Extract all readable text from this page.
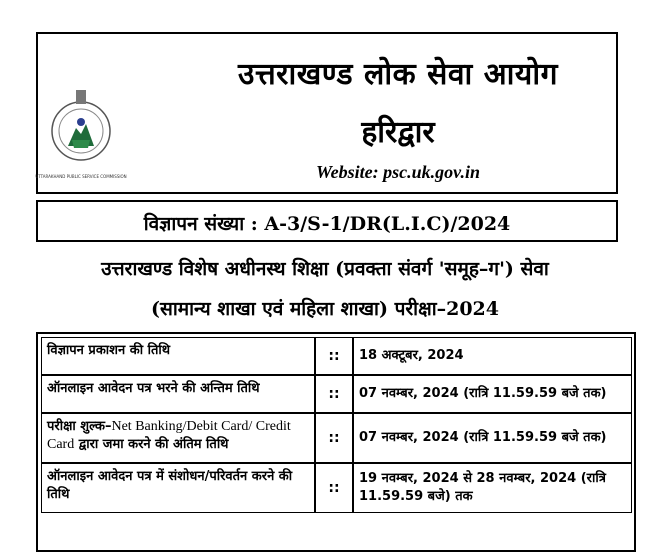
UTTARAKHAND PUBLIC SERVICE COMMISSION
उत्तराखण्ड लोक सेवा आयोग
हरिद्वार
Website: psc.uk.gov.in
विज्ञापन संख्या : A-3/S-1/DR(L.I.C)/2024
उत्तराखण्ड विशेष अधीनस्थ शिक्षा (प्रवक्ता संवर्ग 'समूह–ग') सेवा
(सामान्य शाखा एवं महिला शाखा) परीक्षा–2024
विज्ञापन प्रकाशन की तिथि	::	18 अक्टूबर, 2024
ऑनलाइन आवेदन पत्र भरने की अन्तिम तिथि	::	07 नवम्बर, 2024 (रात्रि 11.59.59 बजे तक)
परीक्षा शुल्क–Net Banking/Debit Card/ Credit Card द्वारा जमा करने की अंतिम तिथि	::	07 नवम्बर, 2024 (रात्रि 11.59.59 बजे तक)
ऑनलाइन आवेदन पत्र में संशोधन/परिवर्तन करने की तिथि	::	19 नवम्बर, 2024 से 28 नवम्बर, 2024 (रात्रि 11.59.59 बजे) तक
